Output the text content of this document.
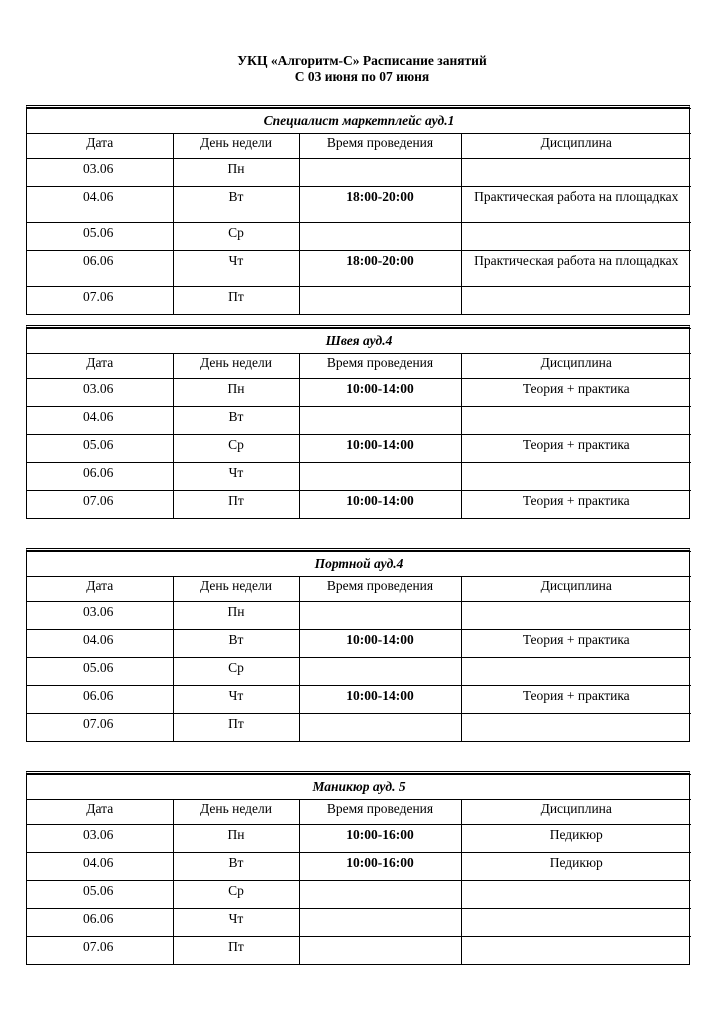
УКЦ «Алгоритм-С» Расписание занятий
С 03 июня по 07 июня
Специалист маркетплейс ауд.1			
Дата	День недели	Время проведения	Дисциплина
03.06	Пн		
04.06	Вт	18:00-20:00	Практическая работа на площадках
05.06	Ср		
06.06	Чт	18:00-20:00	Практическая работа на площадках
07.06	Пт		
Швея ауд.4			
Дата	День недели	Время проведения	Дисциплина
03.06	Пн	10:00-14:00	Теория + практика
04.06	Вт		
05.06	Ср	10:00-14:00	Теория + практика
06.06	Чт		
07.06	Пт	10:00-14:00	Теория + практика
Портной ауд.4			
Дата	День недели	Время проведения	Дисциплина
03.06	Пн		
04.06	Вт	10:00-14:00	Теория + практика
05.06	Ср		
06.06	Чт	10:00-14:00	Теория + практика
07.06	Пт		
Маникюр ауд. 5			
Дата	День недели	Время проведения	Дисциплина
03.06	Пн	10:00-16:00	Педикюр
04.06	Вт	10:00-16:00	Педикюр
05.06	Ср		
06.06	Чт		
07.06	Пт		
